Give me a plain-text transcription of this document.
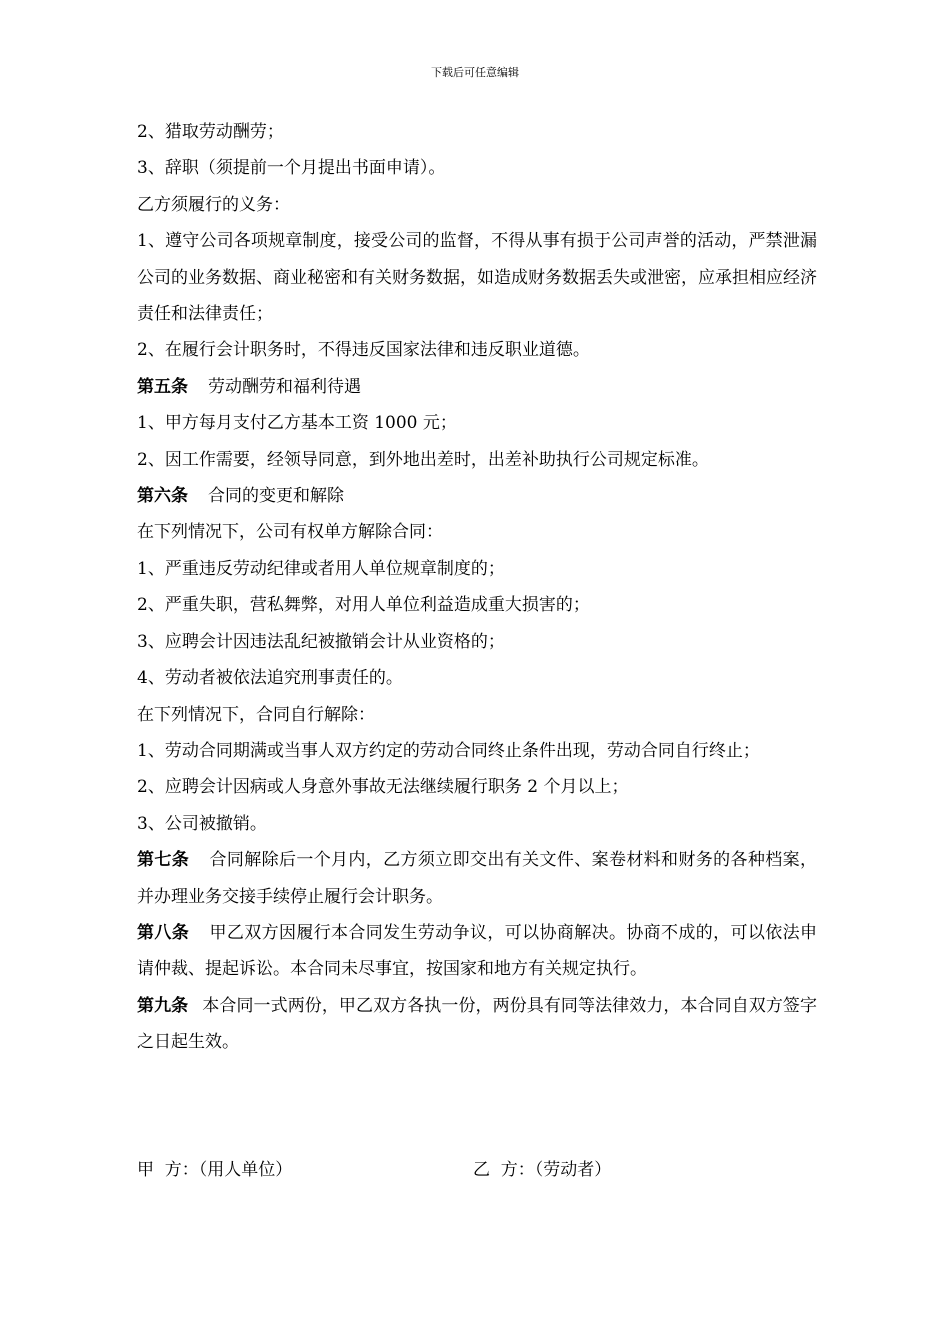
下载后可任意编辑

2、猎取劳动酬劳；

3、辞职（须提前一个月提出书面申请）。

乙方须履行的义务：

1、遵守公司各项规章制度，接受公司的监督，不得从事有损于公司声誉的活动，严禁泄漏公司的业务数据、商业秘密和有关财务数据，如造成财务数据丢失或泄密，应承担相应经济责任和法律责任；

2、在履行会计职务时，不得违反国家法律和违反职业道德。

第五条 劳动酬劳和福利待遇

1、甲方每月支付乙方基本工资 1000 元；

2、因工作需要，经领导同意，到外地出差时，出差补助执行公司规定标准。

第六条 合同的变更和解除

在下列情况下，公司有权单方解除合同：

1、严重违反劳动纪律或者用人单位规章制度的；

2、严重失职，营私舞弊，对用人单位利益造成重大损害的；

3、应聘会计因违法乱纪被撤销会计从业资格的；

4、劳动者被依法追究刑事责任的。

在下列情况下，合同自行解除：

1、劳动合同期满或当事人双方约定的劳动合同终止条件出现，劳动合同自行终止；

2、应聘会计因病或人身意外事故无法继续履行职务 2 个月以上；

3、公司被撤销。

第七条 合同解除后一个月内，乙方须立即交出有关文件、案卷材料和财务的各种档案，并办理业务交接手续停止履行会计职务。

第八条 甲乙双方因履行本合同发生劳动争议，可以协商解决。协商不成的，可以依法申请仲裁、提起诉讼。本合同未尽事宜，按国家和地方有关规定执行。

第九条 本合同一式两份，甲乙双方各执一份，两份具有同等法律效力，本合同自双方签字之日起生效。

甲  方：（用人单位）	乙  方：（劳动者）
